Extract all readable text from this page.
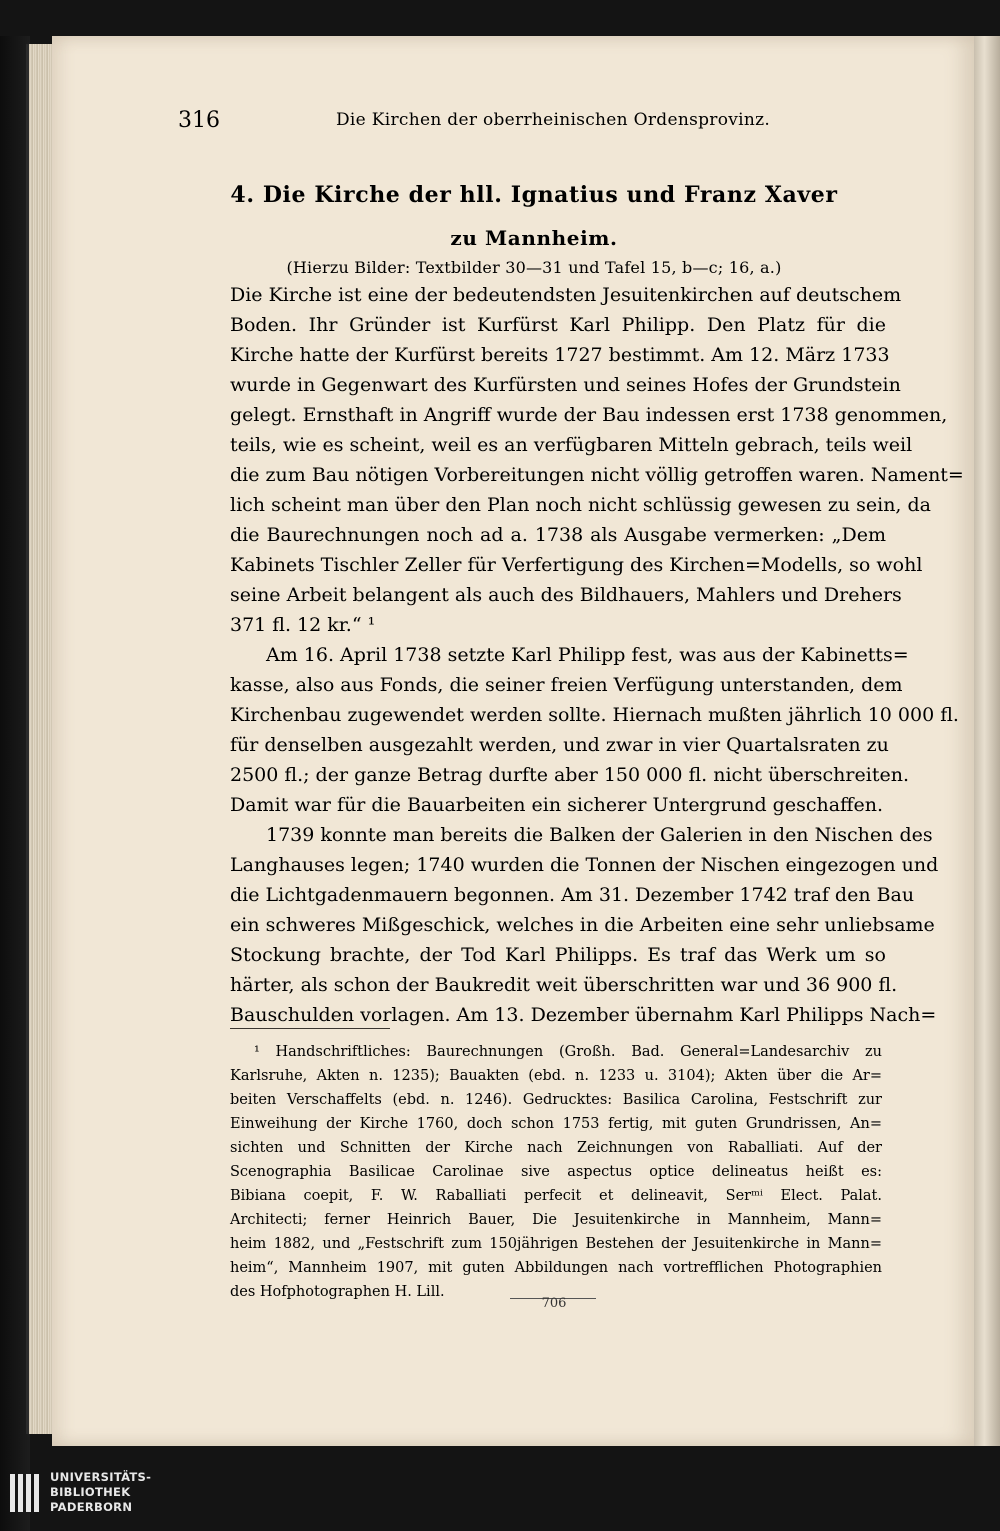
316	Die Kirchen der oberrheinischen Ordensprovinz.
4. Die Kirche der hll. Ignatius und Franz Xaver
zu Mannheim.
(Hierzu Bilder: Textbilder 30—31 und Tafel 15, b—c; 16, a.)
Die Kirche ist eine der bedeutendsten Jesuitenkirchen auf deutschem
Boden. Ihr Gründer ist Kurfürst Karl Philipp. Den Platz für die
Kirche hatte der Kurfürst bereits 1727 bestimmt. Am 12. März 1733
wurde in Gegenwart des Kurfürsten und seines Hofes der Grundstein
gelegt. Ernsthaft in Angriff wurde der Bau indessen erst 1738 genommen,
teils, wie es scheint, weil es an verfügbaren Mitteln gebrach, teils weil
die zum Bau nötigen Vorbereitungen nicht völlig getroffen waren. Nament=
lich scheint man über den Plan noch nicht schlüssig gewesen zu sein, da
die Baurechnungen noch ad a. 1738 als Ausgabe vermerken: „Dem
Kabinets Tischler Zeller für Verfertigung des Kirchen=Modells, so wohl
seine Arbeit belangent als auch des Bildhauers, Mahlers und Drehers
371 fl. 12 kr.“ ¹
Am 16. April 1738 setzte Karl Philipp fest, was aus der Kabinetts=
kasse, also aus Fonds, die seiner freien Verfügung unterstanden, dem
Kirchenbau zugewendet werden sollte. Hiernach mußten jährlich 10 000 fl.
für denselben ausgezahlt werden, und zwar in vier Quartalsraten zu
2500 fl.; der ganze Betrag durfte aber 150 000 fl. nicht überschreiten.
Damit war für die Bauarbeiten ein sicherer Untergrund geschaffen.
1739 konnte man bereits die Balken der Galerien in den Nischen des
Langhauses legen; 1740 wurden die Tonnen der Nischen eingezogen und
die Lichtgadenmauern begonnen. Am 31. Dezember 1742 traf den Bau
ein schweres Mißgeschick, welches in die Arbeiten eine sehr unliebsame
Stockung brachte, der Tod Karl Philipps. Es traf das Werk um so
härter, als schon der Baukredit weit überschritten war und 36 900 fl.
Bauschulden vorlagen. Am 13. Dezember übernahm Karl Philipps Nach=
¹ Handschriftliches: Baurechnungen (Großh. Bad. General=Landesarchiv zu
Karlsruhe, Akten n. 1235); Bauakten (ebd. n. 1233 u. 3104); Akten über die Ar=
beiten Verschaffelts (ebd. n. 1246). Gedrucktes: Basilica Carolina, Festschrift zur
Einweihung der Kirche 1760, doch schon 1753 fertig, mit guten Grundrissen, An=
sichten und Schnitten der Kirche nach Zeichnungen von Raballiati. Auf der
Scenographia Basilicae Carolinae sive aspectus optice delineatus heißt es:
Bibiana coepit, F. W. Raballiati perfecit et delineavit, Serᵐⁱ Elect. Palat.
Architecti; ferner Heinrich Bauer, Die Jesuitenkirche in Mannheim, Mann=
heim 1882, und „Festschrift zum 150jährigen Bestehen der Jesuitenkirche in Mann=
heim“, Mannheim 1907, mit guten Abbildungen nach vortrefflichen Photographien
des Hofphotographen H. Lill.
706
UNIVERSITÄTS-
BIBLIOTHEK
PADERBORN
